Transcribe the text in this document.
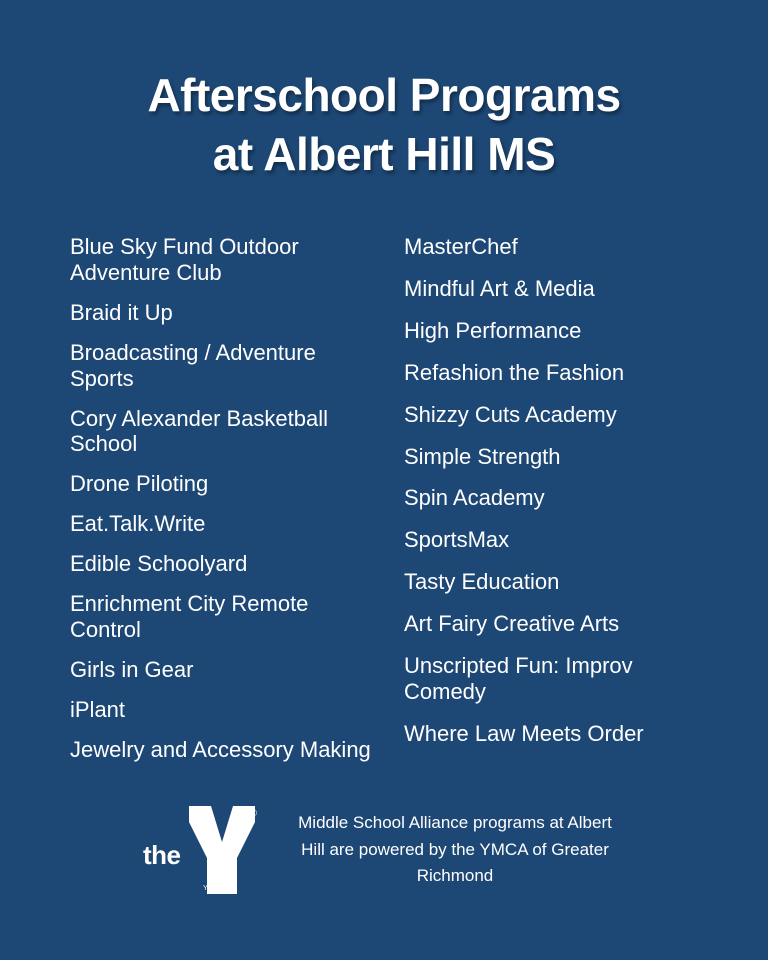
Afterschool Programs
at Albert Hill MS
Blue Sky Fund Outdoor Adventure Club
Braid it Up
Broadcasting / Adventure Sports
Cory Alexander Basketball School
Drone Piloting
Eat.Talk.Write
Edible Schoolyard
Enrichment City Remote Control
Girls in Gear
iPlant
Jewelry and Accessory Making
MasterChef
Mindful Art & Media
High Performance
Refashion the Fashion
Shizzy Cuts Academy
Simple Strength
Spin Academy
SportsMax
Tasty Education
Art Fairy Creative Arts
Unscripted Fun: Improv Comedy
Where Law Meets Order
the
®
YMCA
Middle School Alliance programs at Albert Hill are powered by the YMCA of Greater Richmond
